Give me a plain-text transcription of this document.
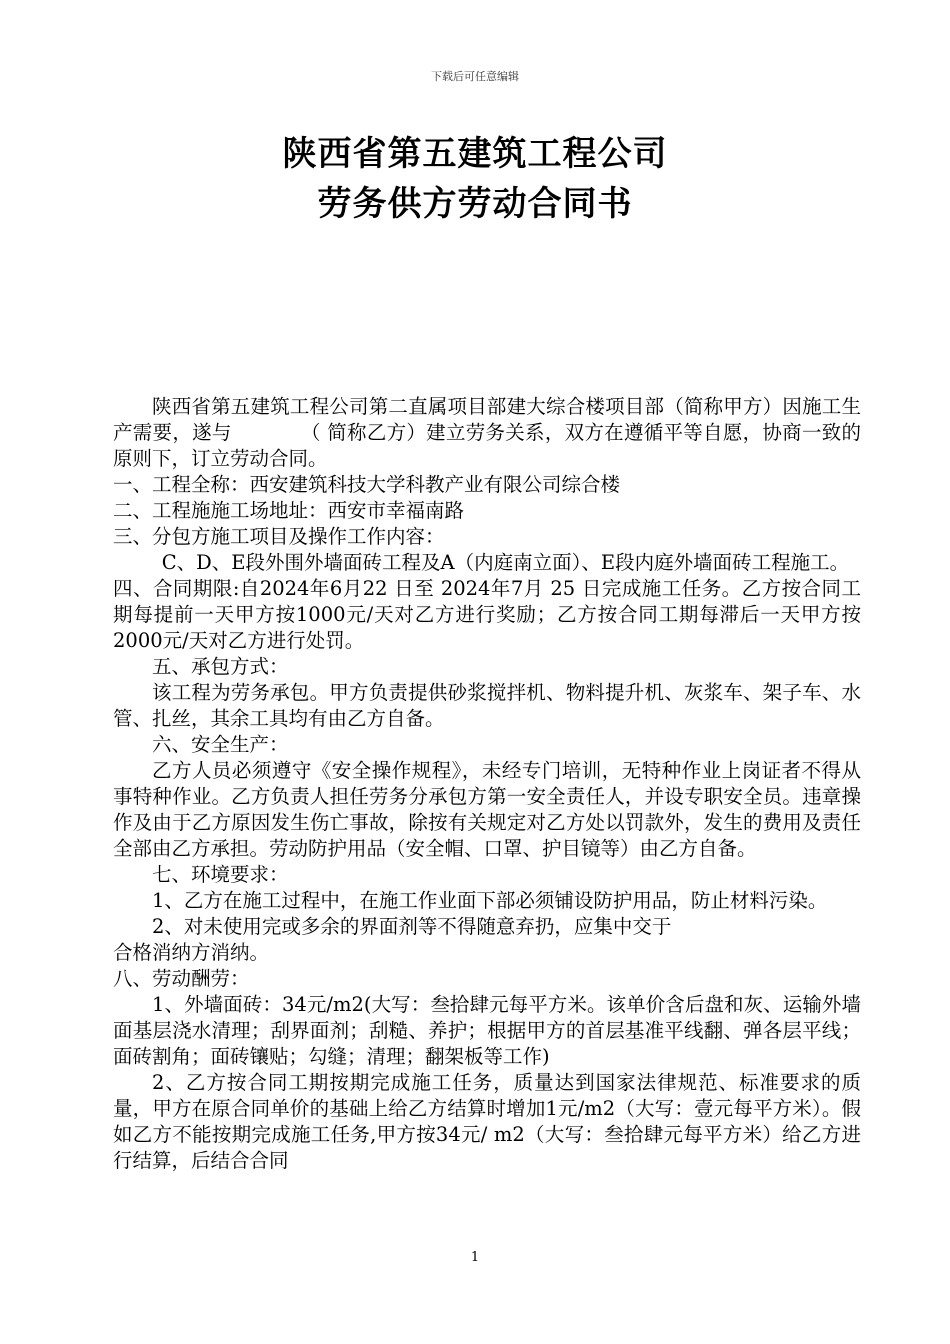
下载后可任意编辑
陕西省第五建筑工程公司
劳务供方劳动合同书

陕西省第五建筑工程公司第二直属项目部建大综合楼项目部（简称甲方）因施工生产需要，遂与　　　　（ 简称乙方）建立劳务关系，双方在遵循平等自愿，协商一致的原则下，订立劳动合同。

一、工程全称：西安建筑科技大学科教产业有限公司综合楼

二、工程施施工场地址：西安市幸福南路

三、分包方施工项目及操作工作内容：

C、D、E段外围外墙面砖工程及A（内庭南立面）、E段内庭外墙面砖工程施工。

四、合同期限:自2024年6月22 日至 2024年7月 25 日完成施工任务。乙方按合同工期每提前一天甲方按1000元/天对乙方进行奖励；乙方按合同工期每滞后一天甲方按2000元/天对乙方进行处罚。

五、承包方式：

该工程为劳务承包。甲方负责提供砂浆搅拌机、物料提升机、灰浆车、架子车、水管、扎丝，其余工具均有由乙方自备。

六、安全生产：

乙方人员必须遵守《安全操作规程》，未经专门培训，无特种作业上岗证者不得从事特种作业。乙方负责人担任劳务分承包方第一安全责任人，并设专职安全员。违章操作及由于乙方原因发生伤亡事故，除按有关规定对乙方处以罚款外，发生的费用及责任全部由乙方承担。劳动防护用品（安全帽、口罩、护目镜等）由乙方自备。

七、环境要求：

1、乙方在施工过程中，在施工作业面下部必须铺设防护用品，防止材料污染。

2、对未使用完或多余的界面剂等不得随意弃扔，应集中交于

合格消纳方消纳。

八、劳动酬劳：

1、外墙面砖：34元/m2(大写：叁拾肆元每平方米。该单价含后盘和灰、运输外墙面基层浇水清理；刮界面剂；刮糙、养护；根据甲方的首层基准平线翻、弹各层平线；面砖割角；面砖镶贴；勾缝；清理；翻架板等工作)

2、乙方按合同工期按期完成施工任务，质量达到国家法律规范、标准要求的质量，甲方在原合同单价的基础上给乙方结算时增加1元/m2（大写：壹元每平方米）。假如乙方不能按期完成施工任务,甲方按34元/ m2（大写：叁拾肆元每平方米）给乙方进行结算，后结合合同

1
